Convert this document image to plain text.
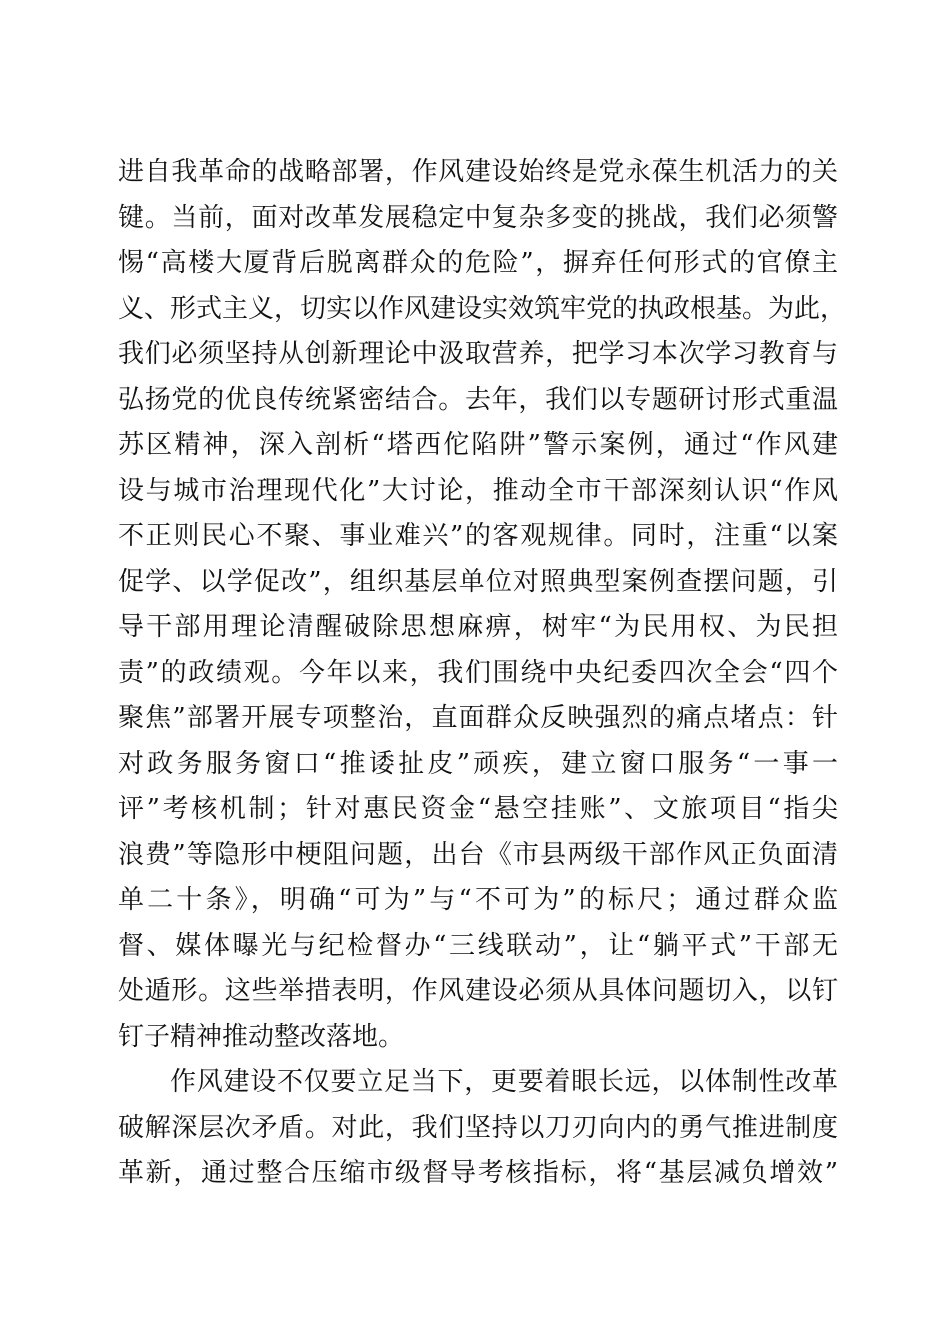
进自我革命的战略部署，作风建设始终是党永葆生机活力的关
键。当前，面对改革发展稳定中复杂多变的挑战，我们必须警
惕“高楼大厦背后脱离群众的危险”，摒弃任何形式的官僚主
义、形式主义，切实以作风建设实效筑牢党的执政根基。为此，
我们必须坚持从创新理论中汲取营养，把学习本次学习教育与
弘扬党的优良传统紧密结合。去年，我们以专题研讨形式重温
苏区精神，深入剖析“塔西佗陷阱”警示案例，通过“作风建
设与城市治理现代化”大讨论，推动全市干部深刻认识“作风
不正则民心不聚、事业难兴”的客观规律。同时，注重“以案
促学、以学促改”，组织基层单位对照典型案例查摆问题，引
导干部用理论清醒破除思想麻痹，树牢“为民用权、为民担
责”的政绩观。今年以来，我们围绕中央纪委四次全会“四个
聚焦”部署开展专项整治，直面群众反映强烈的痛点堵点：针
对政务服务窗口“推诿扯皮”顽疾，建立窗口服务“一事一
评”考核机制；针对惠民资金“悬空挂账”、文旅项目“指尖
浪费”等隐形中梗阻问题，出台《市县两级干部作风正负面清
单二十条》，明确“可为”与“不可为”的标尺；通过群众监
督、媒体曝光与纪检督办“三线联动”，让“躺平式”干部无
处遁形。这些举措表明，作风建设必须从具体问题切入，以钉
钉子精神推动整改落地。
作风建设不仅要立足当下，更要着眼长远，以体制性改革
破解深层次矛盾。对此，我们坚持以刀刃向内的勇气推进制度
革新，通过整合压缩市级督导考核指标，将“基层减负增效”
